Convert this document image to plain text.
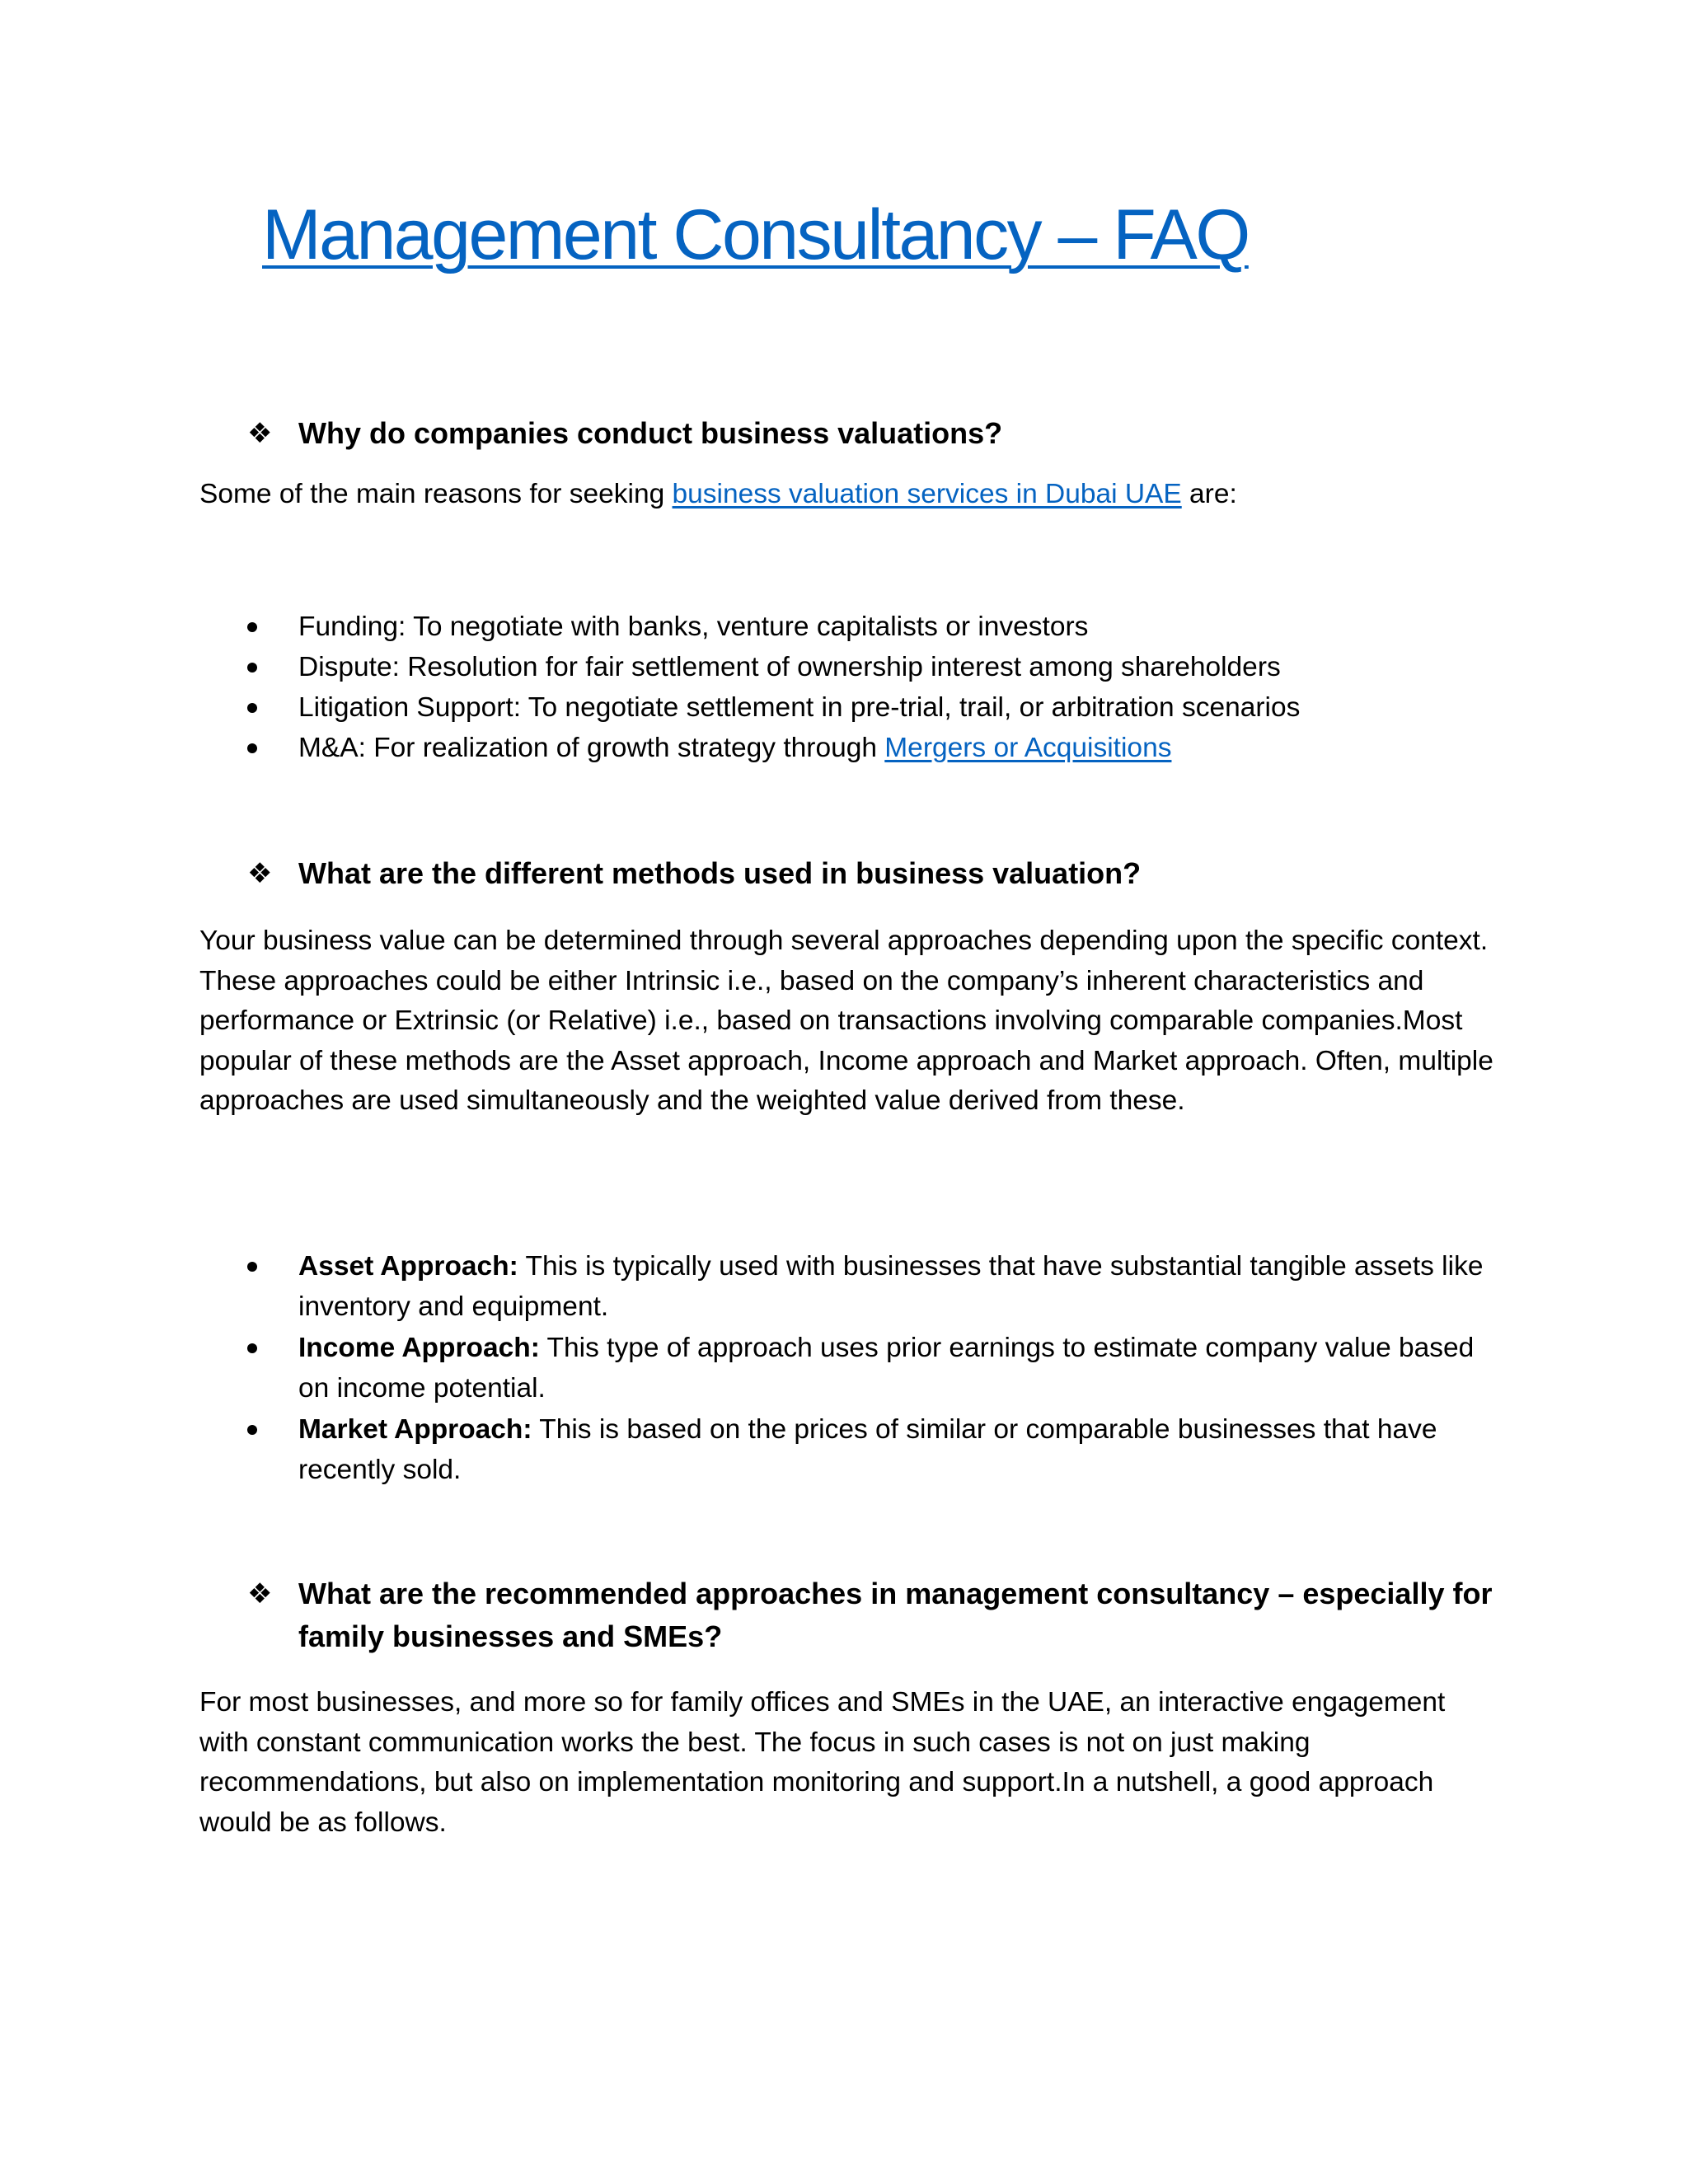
Management Consultancy – FAQ
❖ Why do companies conduct business valuations?

Some of the main reasons for seeking business valuation services in Dubai UAE are:

Funding: To negotiate with banks, venture capitalists or investors
Dispute: Resolution for fair settlement of ownership interest among shareholders
Litigation Support: To negotiate settlement in pre-trial, trail, or arbitration scenarios
M&A: For realization of growth strategy through Mergers or Acquisitions
❖ What are the different methods used in business valuation?

Your business value can be determined through several approaches depending upon the specific context. These approaches could be either Intrinsic i.e., based on the company’s inherent characteristics and performance or Extrinsic (or Relative) i.e., based on transactions involving comparable companies.Most popular of these methods are the Asset approach, Income approach and Market approach. Often, multiple approaches are used simultaneously and the weighted value derived from these.

Asset Approach: This is typically used with businesses that have substantial tangible assets like inventory and equipment.
Income Approach: This type of approach uses prior earnings to estimate company value based on income potential.
Market Approach: This is based on the prices of similar or comparable businesses that have recently sold.
❖ What are the recommended approaches in management consultancy – especially for family businesses and SMEs?

For most businesses, and more so for family offices and SMEs in the UAE, an interactive engagement with constant communication works the best. The focus in such cases is not on just making recommendations, but also on implementation monitoring and support.In a nutshell, a good approach would be as follows.
